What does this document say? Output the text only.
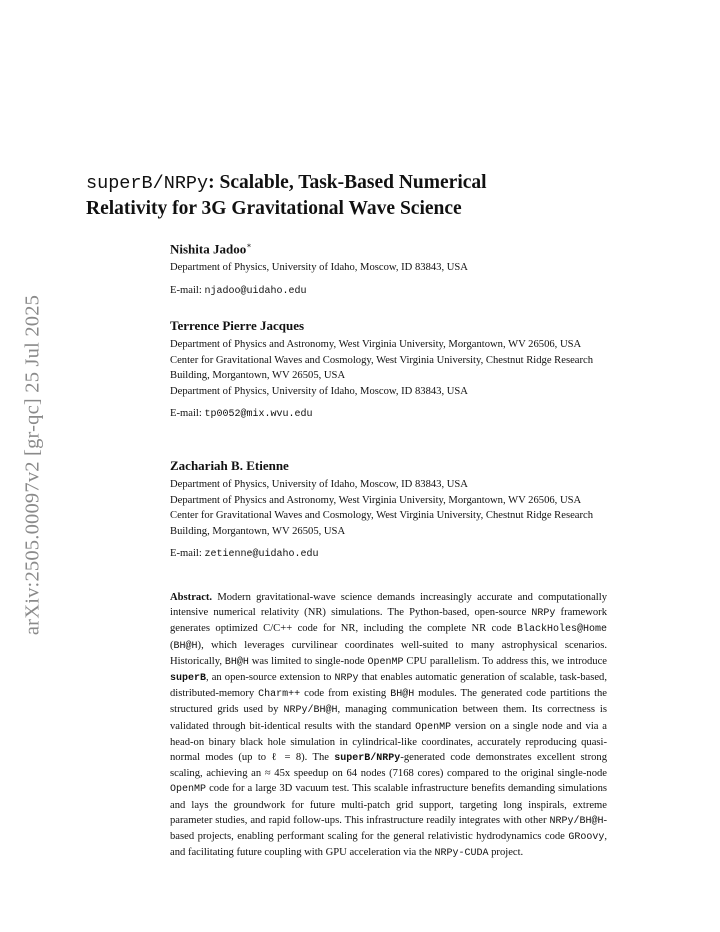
arXiv:2505.00097v2 [gr-qc] 25 Jul 2025
superB/NRPy: Scalable, Task-Based Numerical
Relativity for 3G Gravitational Wave Science
Nishita Jadoo∗
Department of Physics, University of Idaho, Moscow, ID 83843, USA
E-mail: njadoo@uidaho.edu
Terrence Pierre Jacques
Department of Physics and Astronomy, West Virginia University, Morgantown, WV 26506, USA
Center for Gravitational Waves and Cosmology, West Virginia University, Chestnut Ridge Research Building, Morgantown, WV 26505, USA
Department of Physics, University of Idaho, Moscow, ID 83843, USA
E-mail: tp0052@mix.wvu.edu
Zachariah B. Etienne
Department of Physics, University of Idaho, Moscow, ID 83843, USA
Department of Physics and Astronomy, West Virginia University, Morgantown, WV 26506, USA
Center for Gravitational Waves and Cosmology, West Virginia University, Chestnut Ridge Research Building, Morgantown, WV 26505, USA
E-mail: zetienne@uidaho.edu

Abstract. Modern gravitational-wave science demands increasingly accurate and computationally intensive numerical relativity (NR) simulations. The Python-based, open-source NRPy framework generates optimized C/C++ code for NR, including the complete NR code BlackHoles@Home (BH@H), which leverages curvilinear coordinates well-suited to many astrophysical scenarios. Historically, BH@H was limited to single-node OpenMP CPU parallelism. To address this, we introduce superB, an open-source extension to NRPy that enables automatic generation of scalable, task-based, distributed-memory Charm++ code from existing BH@H modules. The generated code partitions the structured grids used by NRPy/BH@H, managing communication between them. Its correctness is validated through bit-identical results with the standard OpenMP version on a single node and via a head-on binary black hole simulation in cylindrical-like coordinates, accurately reproducing quasi-normal modes (up to ℓ = 8). The superB/NRPy-generated code demonstrates excellent strong scaling, achieving an ≈ 45x speedup on 64 nodes (7168 cores) compared to the original single-node OpenMP code for a large 3D vacuum test. This scalable infrastructure benefits demanding simulations and lays the groundwork for future multi-patch grid support, targeting long inspirals, extreme parameter studies, and rapid follow-ups. This infrastructure readily integrates with other NRPy/BH@H-based projects, enabling performant scaling for the general relativistic hydrodynamics code GRoovy, and facilitating future coupling with GPU acceleration via the NRPy-CUDA project.
